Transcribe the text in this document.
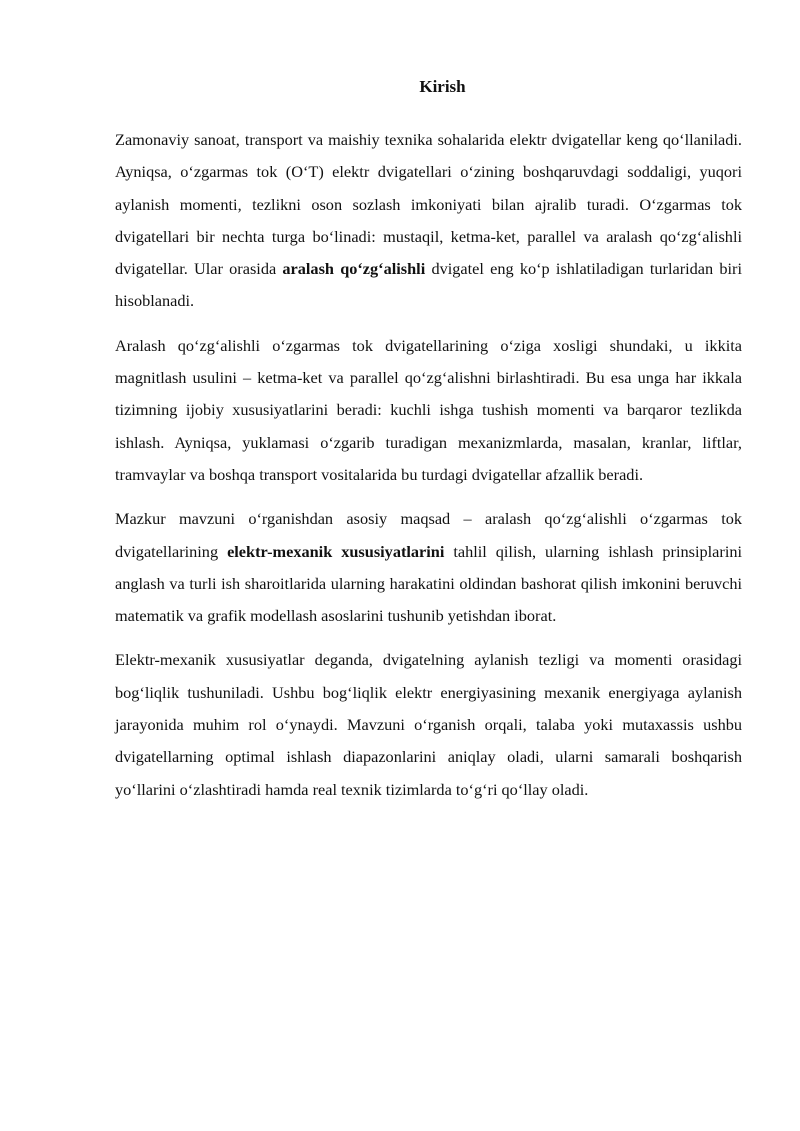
Kirish

Zamonaviy sanoat, transport va maishiy texnika sohalarida elektr dvigatellar keng qo‘llaniladi. Ayniqsa, o‘zgarmas tok (O‘T) elektr dvigatellari o‘zining boshqaruvdagi soddaligi, yuqori aylanish momenti, tezlikni oson sozlash imkoniyati bilan ajralib turadi. O‘zgarmas tok dvigatellari bir nechta turga bo‘linadi: mustaqil, ketma-ket, parallel va aralash qo‘zg‘alishli dvigatellar. Ular orasida aralash qo‘zg‘alishli dvigatel eng ko‘p ishlatiladigan turlaridan biri hisoblanadi.

Aralash qo‘zg‘alishli o‘zgarmas tok dvigatellarining o‘ziga xosligi shundaki, u ikkita magnitlash usulini – ketma-ket va parallel qo‘zg‘alishni birlashtiradi. Bu esa unga har ikkala tizimning ijobiy xususiyatlarini beradi: kuchli ishga tushish momenti va barqaror tezlikda ishlash. Ayniqsa, yuklamasi o‘zgarib turadigan mexanizmlarda, masalan, kranlar, liftlar, tramvaylar va boshqa transport vositalarida bu turdagi dvigatellar afzallik beradi.

Mazkur mavzuni o‘rganishdan asosiy maqsad – aralash qo‘zg‘alishli o‘zgarmas tok dvigatellarining elektr-mexanik xususiyatlarini tahlil qilish, ularning ishlash prinsiplarini anglash va turli ish sharoitlarida ularning harakatini oldindan bashorat qilish imkonini beruvchi matematik va grafik modellash asoslarini tushunib yetishdan iborat.

Elektr-mexanik xususiyatlar deganda, dvigatelning aylanish tezligi va momenti orasidagi bog‘liqlik tushuniladi. Ushbu bog‘liqlik elektr energiyasining mexanik energiyaga aylanish jarayonida muhim rol o‘ynaydi. Mavzuni o‘rganish orqali, talaba yoki mutaxassis ushbu dvigatellarning optimal ishlash diapazonlarini aniqlay oladi, ularni samarali boshqarish yo‘llarini o‘zlashtiradi hamda real texnik tizimlarda to‘g‘ri qo‘llay oladi.
